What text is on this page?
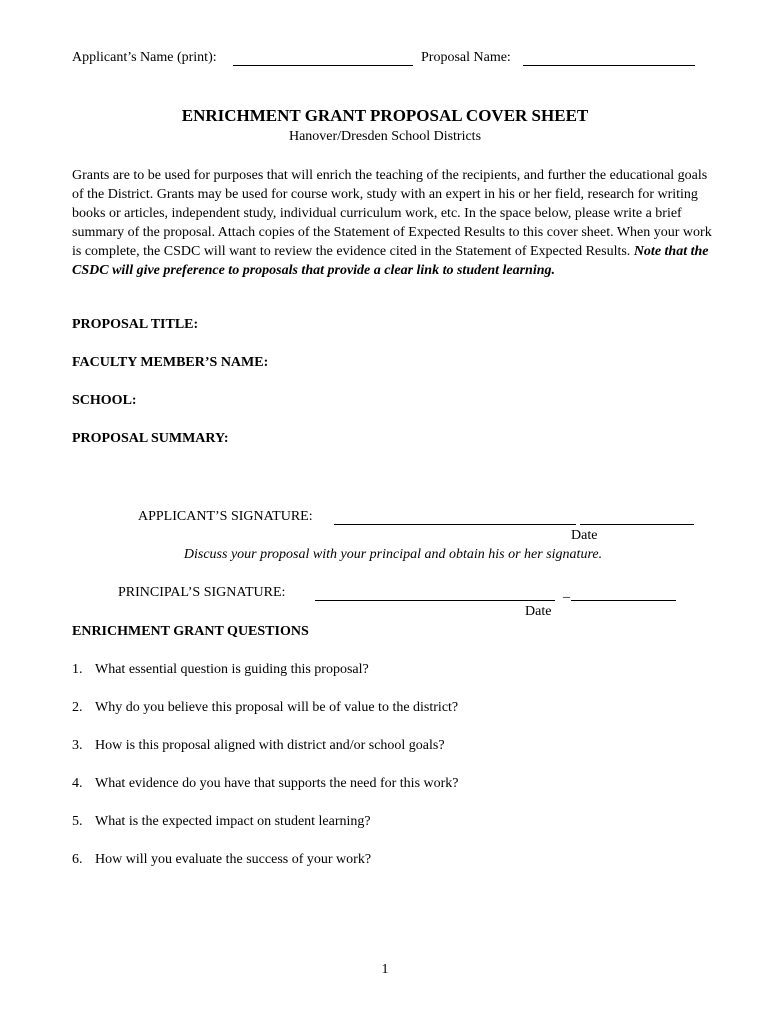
Applicant’s Name (print):	Proposal Name:
ENRICHMENT GRANT PROPOSAL COVER SHEET
Hanover/Dresden School Districts
Grants are to be used for purposes that will enrich the teaching of the recipients, and further the educational goals of the District. Grants may be used for course work, study with an expert in his or her field, research for writing books or articles, independent study, individual curriculum work, etc. In the space below, please write a brief summary of the proposal. Attach copies of the Statement of Expected Results to this cover sheet. When your work is complete, the CSDC will want to review the evidence cited in the Statement of Expected Results. Note that the CSDC will give preference to proposals that provide a clear link to student learning.
PROPOSAL TITLE:
FACULTY MEMBER’S NAME:
SCHOOL:
PROPOSAL SUMMARY:
APPLICANT’S SIGNATURE:
Date
Discuss your proposal with your principal and obtain his or her signature.
PRINCIPAL’S SIGNATURE:	_
Date
ENRICHMENT GRANT QUESTIONS
1. What essential question is guiding this proposal?
2. Why do you believe this proposal will be of value to the district?
3. How is this proposal aligned with district and/or school goals?
4. What evidence do you have that supports the need for this work?
5. What is the expected impact on student learning?
6. How will you evaluate the success of your work?
1
